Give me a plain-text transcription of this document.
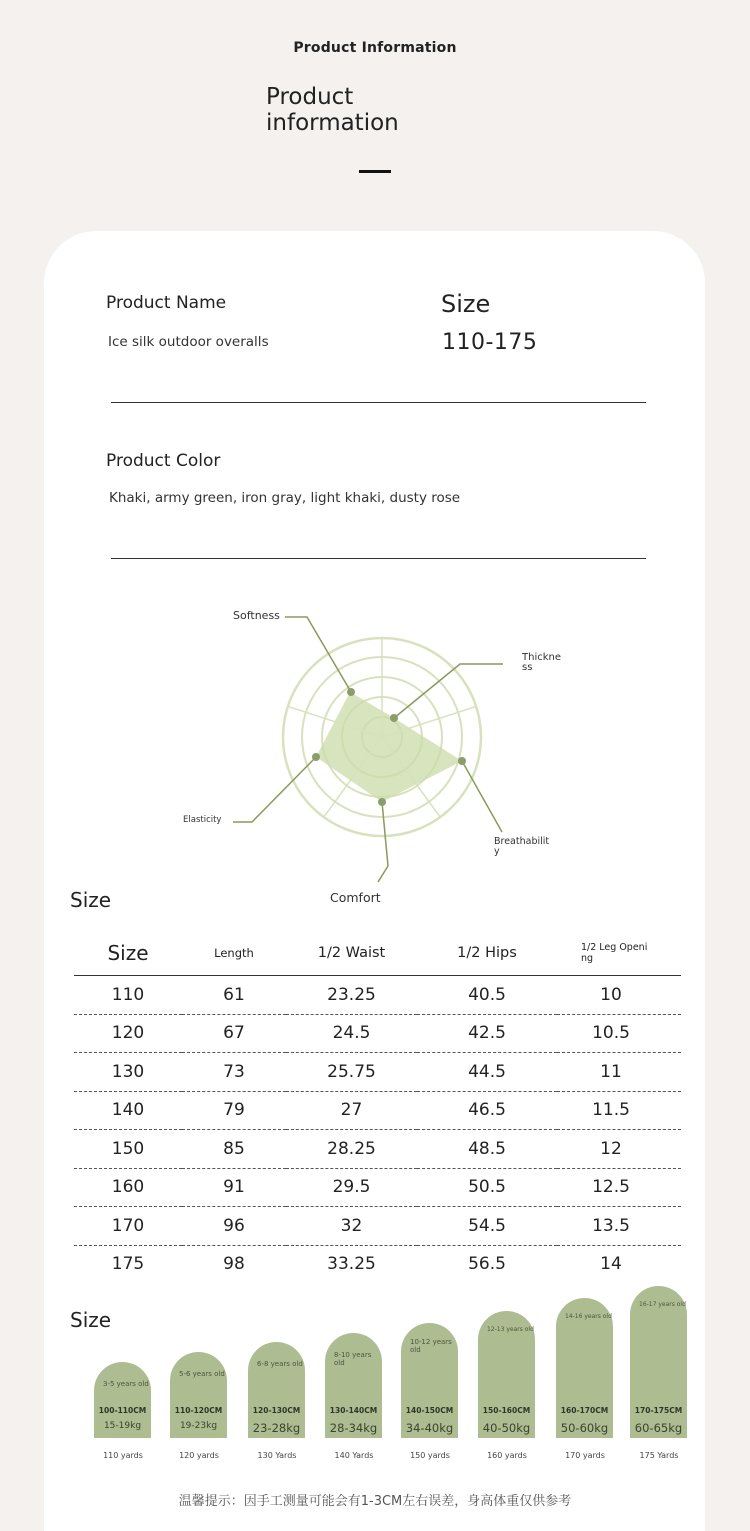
Product Information
Product
information
Product Name
Ice silk outdoor overalls
Size
110-175
Product Color
Khaki, army green, iron gray, light khaki, dusty rose
Softness
Thickne
ss
Breathabilit
y
Comfort
Elasticity
Size
Size	Length	1/2 Waist	1/2 Hips	1/2 Leg Openi
ng
110	61	23.25	40.5	10
120	67	24.5	42.5	10.5
130	73	25.75	44.5	11
140	79	27	46.5	11.5
150	85	28.25	48.5	12
160	91	29.5	50.5	12.5
170	96	32	54.5	13.5
175	98	33.25	56.5	14
Size
3-5 years old
100-110CM
15-19kg
110 yards
5-6 years old
110-120CM
19-23kg
120 yards
6-8 years old
120-130CM
23-28kg
130 Yards
8-10 years old
130-140CM
28-34kg
140 Yards
10-12 years old
140-150CM
34-40kg
150 yards
12-13 years old
150-160CM
40-50kg
160 yards
14-16 years old
160-170CM
50-60kg
170 yards
16-17 years old
170-175CM
60-65kg
175 Yards
温馨提示：因手工测量可能会有1-3CM左右误差，身高体重仅供参考
